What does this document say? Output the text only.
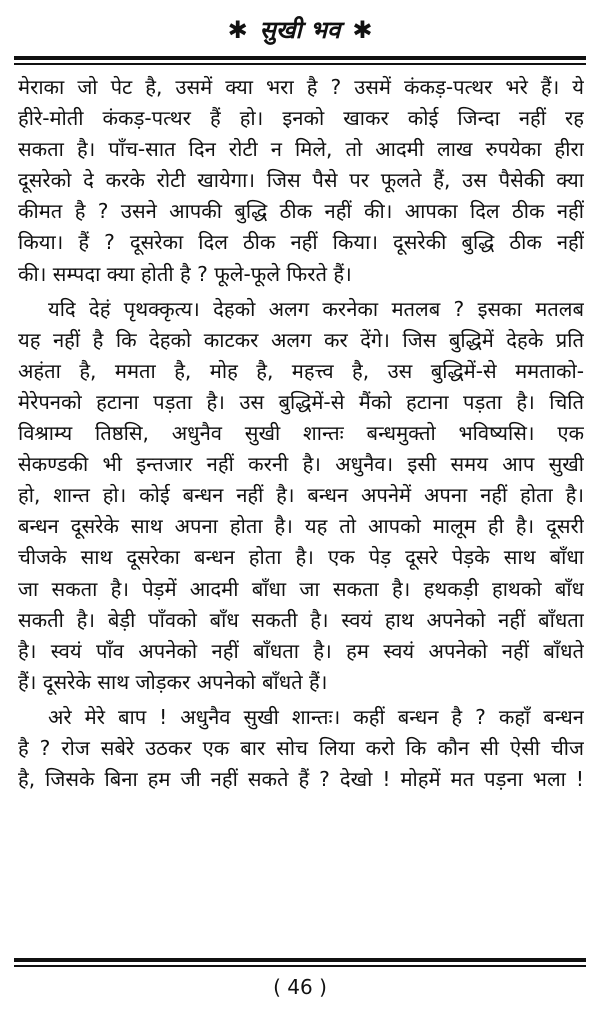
✱ सुखी भव ✱
मेराका जो पेट है, उसमें क्या भरा है ? उसमें कंकड़-पत्थर भरे हैं। ये
हीरे-मोती कंकड़-पत्थर हैं हो। इनको खाकर कोई जिन्दा नहीं रह
सकता है। पाँच-सात दिन रोटी न मिले, तो आदमी लाख रुपयेका हीरा
दूसरेको दे करके रोटी खायेगा। जिस पैसे पर फूलते हैं, उस पैसेकी क्या
कीमत है ? उसने आपकी बुद्धि ठीक नहीं की। आपका दिल ठीक नहीं
किया। हैं ? दूसरेका दिल ठीक नहीं किया। दूसरेकी बुद्धि ठीक नहीं
की। सम्पदा क्या होती है ? फूले-फूले फिरते हैं।
यदि देहं पृथक्कृत्य। देहको अलग करनेका मतलब ? इसका मतलब
यह नहीं है कि देहको काटकर अलग कर देंगे। जिस बुद्धिमें देहके प्रति
अहंता है, ममता है, मोह है, महत्त्व है, उस बुद्धिमें-से ममताको-
मेरेपनको हटाना पड़ता है। उस बुद्धिमें-से मैंको हटाना पड़ता है। चिति
विश्राम्य तिष्ठसि, अधुनैव सुखी शान्तः बन्धमुक्तो भविष्यसि। एक
सेकण्डकी भी इन्तजार नहीं करनी है। अधुनैव। इसी समय आप सुखी
हो, शान्त हो। कोई बन्धन नहीं है। बन्धन अपनेमें अपना नहीं होता है।
बन्धन दूसरेके साथ अपना होता है। यह तो आपको मालूम ही है। दूसरी
चीजके साथ दूसरेका बन्धन होता है। एक पेड़ दूसरे पेड़के साथ बाँधा
जा सकता है। पेड़में आदमी बाँधा जा सकता है। हथकड़ी हाथको बाँध
सकती है। बेड़ी पाँवको बाँध सकती है। स्वयं हाथ अपनेको नहीं बाँधता
है। स्वयं पाँव अपनेको नहीं बाँधता है। हम स्वयं अपनेको नहीं बाँधते
हैं। दूसरेके साथ जोड़कर अपनेको बाँधते हैं।
अरे मेरे बाप ! अधुनैव सुखी शान्तः। कहीं बन्धन है ? कहाँ बन्धन
है ? रोज सबेरे उठकर एक बार सोच लिया करो कि कौन सी ऐसी चीज
है, जिसके बिना हम जी नहीं सकते हैं ? देखो ! मोहमें मत पड़ना भला !
( 46 )
